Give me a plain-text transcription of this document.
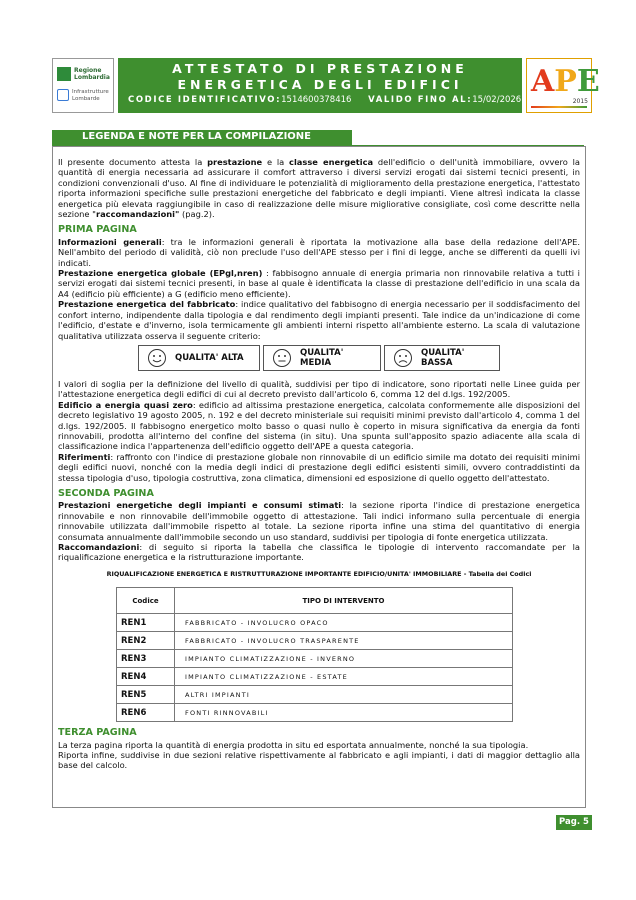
Regione
Lombardia
Infrastrutture
Lombarde
ATTESTATO DI PRESTAZIONE
ENERGETICA DEGLI EDIFICI
CODICE IDENTIFICATIVO:1514600378416 VALIDO FINO AL:15/02/2026
APE
2015
LEGENDA E NOTE PER LA COMPILAZIONE

Il presente documento attesta la prestazione e la classe energetica dell'edificio o dell'unità immobiliare, ovvero la quantità di energia necessaria ad assicurare il comfort attraverso i diversi servizi erogati dai sistemi tecnici presenti, in condizioni convenzionali d'uso. Al fine di individuare le potenzialità di miglioramento della prestazione energetica, l'attestato riporta informazioni specifiche sulle prestazioni energetiche del fabbricato e degli impianti. Viene altresì indicata la classe energetica più elevata raggiungibile in caso di realizzazione delle misure migliorative consigliate, così come descritte nella sezione "raccomandazioni" (pag.2).

PRIMA PAGINA

Informazioni generali: tra le informazioni generali è riportata la motivazione alla base della redazione dell'APE. Nell'ambito del periodo di validità, ciò non preclude l'uso dell'APE stesso per i fini di legge, anche se differenti da quelli ivi indicati.

Prestazione energetica globale (EPgl,nren) : fabbisogno annuale di energia primaria non rinnovabile relativa a tutti i servizi erogati dai sistemi tecnici presenti, in base al quale è identificata la classe di prestazione dell'edificio in una scala da A4 (edificio più efficiente) a G (edificio meno efficiente).

Prestazione energetica del fabbricato: indice qualitativo del fabbisogno di energia necessario per il soddisfacimento del confort interno, indipendente dalla tipologia e dal rendimento degli impianti presenti. Tale indice da un'indicazione di come l'edificio, d'estate e d'inverno, isola termicamente gli ambienti interni rispetto all'ambiente esterno. La scala di valutazione qualitativa utilizzata osserva il seguente criterio:

QUALITA' ALTA
QUALITA' MEDIA
QUALITA' BASSA

I valori di soglia per la definizione del livello di qualità, suddivisi per tipo di indicatore, sono riportati nelle Linee guida per l'attestazione energetica degli edifici di cui al decreto previsto dall'articolo 6, comma 12 del d.lgs. 192/2005.

Edificio a energia quasi zero: edificio ad altissima prestazione energetica, calcolata conformemente alle disposizioni del decreto legislativo 19 agosto 2005, n. 192 e del decreto ministeriale sui requisiti minimi previsto dall'articolo 4, comma 1 del d.lgs. 192/2005. Il fabbisogno energetico molto basso o quasi nullo è coperto in misura significativa da energia da fonti rinnovabili, prodotta all'interno del confine del sistema (in situ). Una spunta sull'apposito spazio adiacente alla scala di classificazione indica l'appartenenza dell'edificio oggetto dell'APE a questa categoria.

Riferimenti: raffronto con l'indice di prestazione globale non rinnovabile di un edificio simile ma dotato dei requisiti minimi degli edifici nuovi, nonché con la media degli indici di prestazione degli edifici esistenti simili, ovvero contraddistinti da stessa tipologia d'uso, tipologia costruttiva, zona climatica, dimensioni ed esposizione di quello oggetto dell'attestato.

SECONDA PAGINA

Prestazioni energetiche degli impianti e consumi stimati: la sezione riporta l'indice di prestazione energetica rinnovabile e non rinnovabile dell'immobile oggetto di attestazione. Tali indici informano sulla percentuale di energia rinnovabile utilizzata dall'immobile rispetto al totale. La sezione riporta infine una stima del quantitativo di energia consumata annualmente dall'immobile secondo un uso standard, suddivisi per tipologia di fonte energetica utilizzata.

Raccomandazioni: di seguito si riporta la tabella che classifica le tipologie di intervento raccomandate per la riqualificazione energetica e la ristrutturazione importante.

RIQUALIFICAZIONE ENERGETICA E RISTRUTTURAZIONE IMPORTANTE EDIFICIO/UNITA' IMMOBILIARE - Tabella dei Codici
Codice	TIPO DI INTERVENTO
REN1	FABBRICATO - INVOLUCRO OPACO
REN2	FABBRICATO - INVOLUCRO TRASPARENTE
REN3	IMPIANTO CLIMATIZZAZIONE - INVERNO
REN4	IMPIANTO CLIMATIZZAZIONE - ESTATE
REN5	ALTRI IMPIANTI
REN6	FONTI RINNOVABILI
TERZA PAGINA

La terza pagina riporta la quantità di energia prodotta in situ ed esportata annualmente, nonché la sua tipologia.

Riporta infine, suddivise in due sezioni relative rispettivamente al fabbricato e agli impianti, i dati di maggior dettaglio alla base del calcolo.

Pag. 5
